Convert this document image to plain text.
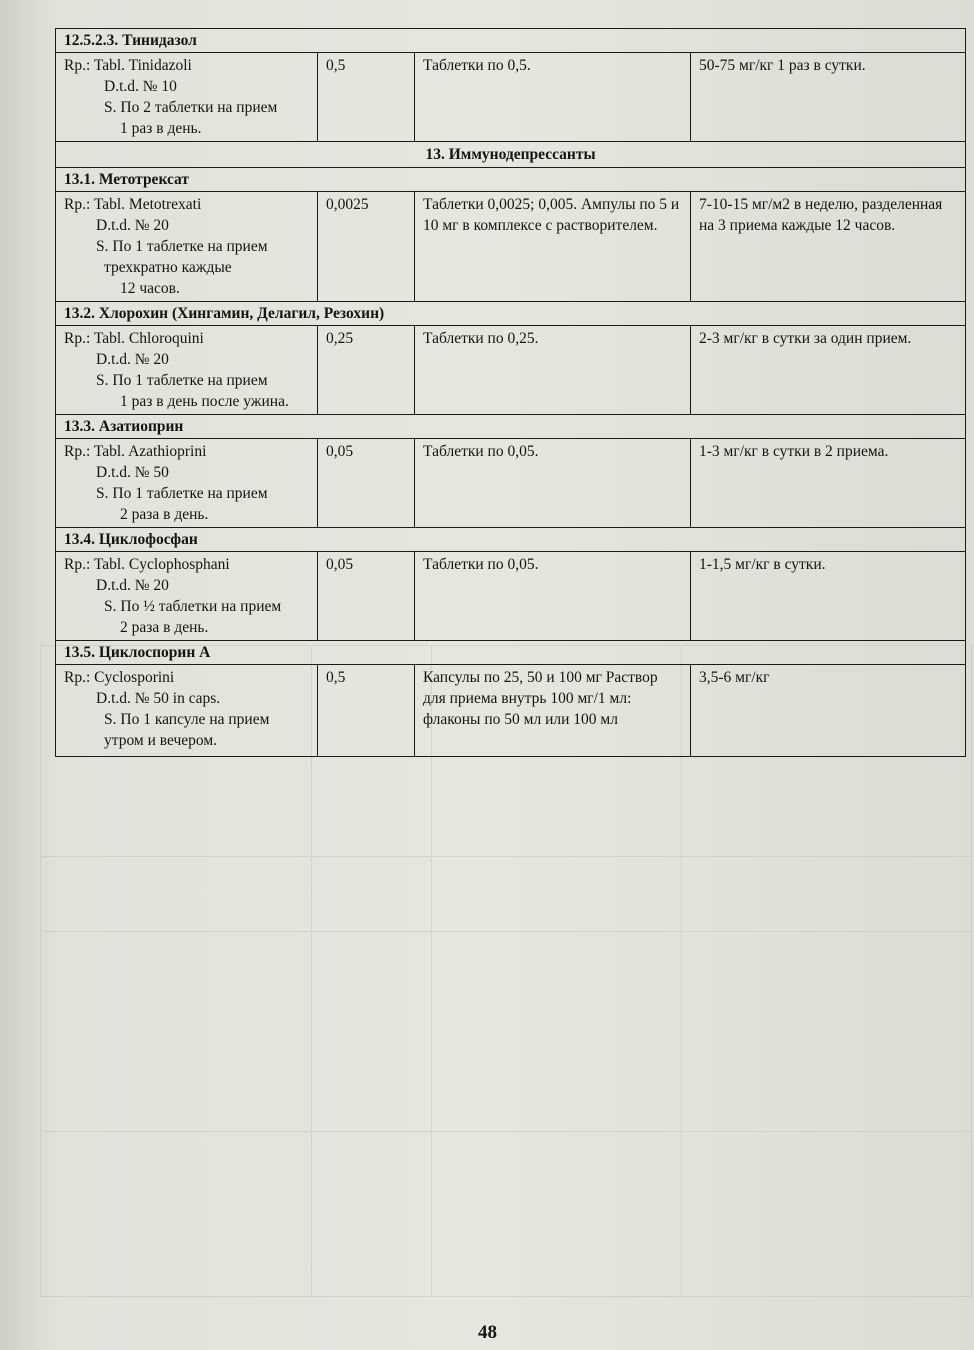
12.5.2.3. Тинидазол			

Rp.: Tabl. Tinidazoli
D.t.d. № 10
S. По 2 таблетки на прием
1 раз в день.	0,5	Таблетки по 0,5.	50-75 мг/кг 1 раз в сутки.

13. Иммунодепрессанты			
13.1. Метотрексат			

Rp.: Tabl. Metotrexati
D.t.d. № 20
S. По 1 таблетке на прием
трехкратно каждые
12 часов.	0,0025	Таблетки 0,0025; 0,005. Ампулы по 5 и 10 мг в комплексе с растворителем.	7-10-15 мг/м2 в неделю, разделенная на 3 приема каждые 12 часов.

13.2. Хлорохин (Хингамин, Делагил, Резохин)			

Rp.: Tabl. Chloroquini
D.t.d. № 20
S. По 1 таблетке на прием
1 раз в день после ужина.	0,25	Таблетки по 0,25.	2-3 мг/кг в сутки за один прием.

13.3. Азатиоприн			

Rp.: Tabl. Azathioprini
D.t.d. № 50
S. По 1 таблетке на прием
2 раза в день.	0,05	Таблетки по 0,05.	1-3 мг/кг в сутки в 2 приема.

13.4. Циклофосфан			

Rp.: Tabl. Cyclophosphani
D.t.d. № 20
S. По ½ таблетки на прием
2 раза в день.	0,05	Таблетки по 0,05.	1-1,5 мг/кг в сутки.

13.5. Циклоспорин А			

Rp.: Cyclosporini
D.t.d. № 50 in caps.
S. По 1 капсуле на прием
утром и вечером.	0,5	Капсулы по 25, 50 и 100 мг Раствор для приема внутрь 100 мг/1 мл: флаконы по 50 мл или 100 мл	3,5-6 мг/кг
48
